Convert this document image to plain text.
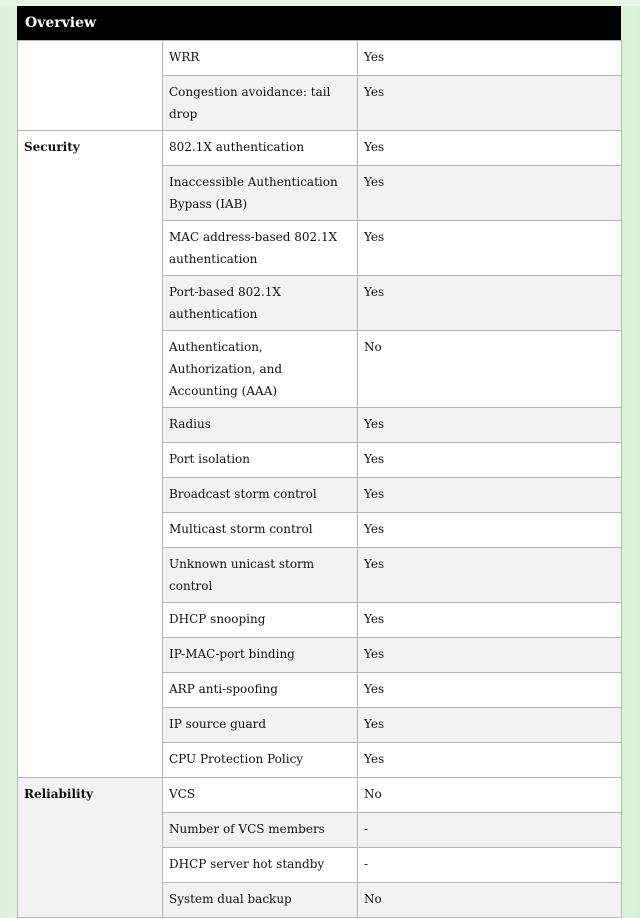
Overview
	WRR	Yes
	Congestion avoidance: tail drop	Yes
Security	802.1X authentication	Yes
	Inaccessible Authentication Bypass (IAB)	Yes
	MAC address-based 802.1X authentication	Yes
	Port-based 802.1X authentication	Yes
	Authentication, Authorization, and Accounting (AAA)	No
	Radius	Yes
	Port isolation	Yes
	Broadcast storm control	Yes
	Multicast storm control	Yes
	Unknown unicast storm control	Yes
	DHCP snooping	Yes
	IP-MAC-port binding	Yes
	ARP anti-spoofing	Yes
	IP source guard	Yes
	CPU Protection Policy	Yes
Reliability	VCS	No
	Number of VCS members	-
	DHCP server hot standby	-
	System dual backup	No
